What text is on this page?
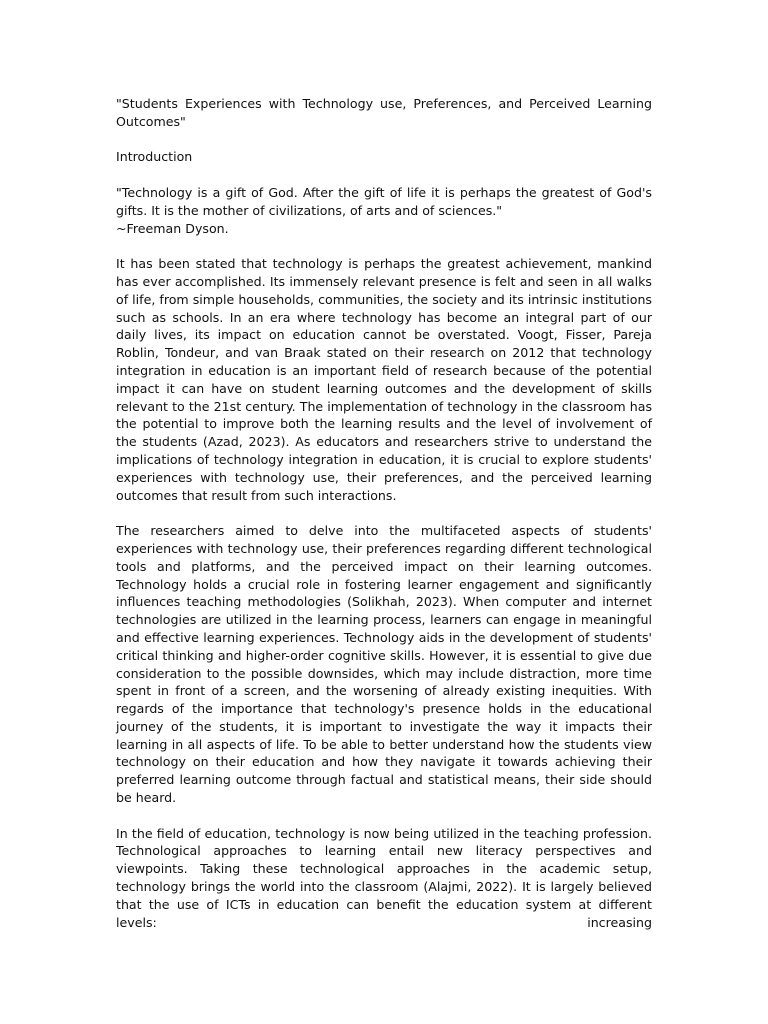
"Students Experiences with Technology use, Preferences, and Perceived Learning Outcomes"

Introduction

"Technology is a gift of God. After the gift of life it is perhaps the greatest of God's gifts. It is the mother of civilizations, of arts and of sciences."
~Freeman Dyson.

It has been stated that technology is perhaps the greatest achievement, mankind has ever accomplished. Its immensely relevant presence is felt and seen in all walks of life, from simple households, communities, the society and its intrinsic institutions such as schools. In an era where technology has become an integral part of our daily lives, its impact on education cannot be overstated. Voogt, Fisser, Pareja Roblin, Tondeur, and van Braak stated on their research on 2012 that technology integration in education is an important field of research because of the potential impact it can have on student learning outcomes and the development of skills relevant to the 21st century. The implementation of technology in the classroom has the potential to improve both the learning results and the level of involvement of the students (Azad, 2023). As educators and researchers strive to understand the implications of technology integration in education, it is crucial to explore students' experiences with technology use, their preferences, and the perceived learning outcomes that result from such interactions.

The researchers aimed to delve into the multifaceted aspects of students' experiences with technology use, their preferences regarding different technological tools and platforms, and the perceived impact on their learning outcomes. Technology holds a crucial role in fostering learner engagement and significantly influences teaching methodologies (Solikhah, 2023). When computer and internet technologies are utilized in the learning process, learners can engage in meaningful and effective learning experiences. Technology aids in the development of students' critical thinking and higher-order cognitive skills. However, it is essential to give due consideration to the possible downsides, which may include distraction, more time spent in front of a screen, and the worsening of already existing inequities. With regards of the importance that technology's presence holds in the educational journey of the students, it is important to investigate the way it impacts their learning in all aspects of life. To be able to better understand how the students view technology on their education and how they navigate it towards achieving their preferred learning outcome through factual and statistical means, their side should be heard.

In the field of education, technology is now being utilized in the teaching profession. Technological approaches to learning entail new literacy perspectives and viewpoints. Taking these technological approaches in the academic setup, technology brings the world into the classroom (Alajmi, 2022). It is largely believed that the use of ICTs in education can benefit the education system at different levels: increasing
